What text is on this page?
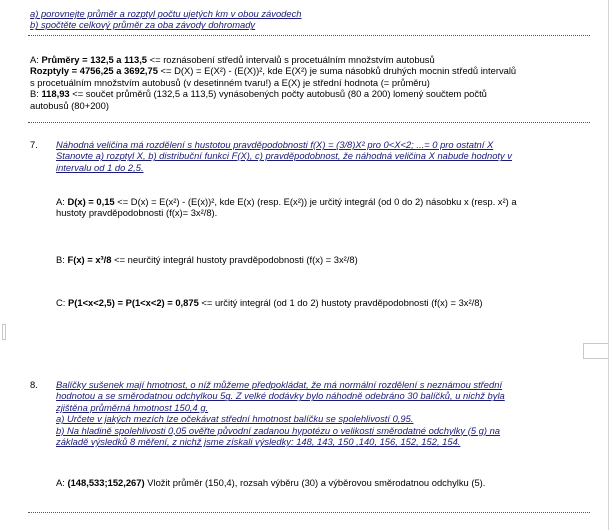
a) porovnejte průměr a rozptyl počtu ujetých km v obou závodech
b) spočtěte celkový průměr za oba závody dohromady
A: Průměry = 132,5 a 113,5 <= roznásobení středů intervalů s procetuálním množstvím autobusů
Rozptyly = 4756,25 a 3692,75 <= D(X) = E(X²) - (E(X))², kde E(X²) je suma násobků druhých mocnin středů intervalů
s procetuálním množstvím autobusů (v desetinném tvaru!) a E(X) je střední hodnota (= průměru)
B: 118,93 <= součet průměrů (132,5 a 113,5) vynásobených počty autobusů (80 a 200) lomený součtem počtů
autobusů (80+200)
7. Náhodná veličina má rozdělení s hustotou pravděpodobnosti f(X) = (3/8)X² pro 0<X<2; ...= 0 pro ostatní X
Stanovte a) rozptyl X, b) distribuční funkci F(X), c) pravděpodobnost, že náhodná veličina X nabude hodnoty v
intervalu od 1 do 2,5.
A: D(x) = 0,15 <= D(x) = E(x²) - (E(x))², kde E(x) (resp. E(x²)) je určitý integrál (od 0 do 2) násobku x (resp. x²) a
hustoty pravděpodobnosti (f(x)= 3x²/8).
B: F(x) = x³/8 <= neurčitý integrál hustoty pravděpodobnosti (f(x) = 3x²/8)
C: P(1<x<2,5) = P(1<x<2) = 0,875 <= určitý integrál (od 1 do 2) hustoty pravděpodobnosti (f(x) = 3x²/8)
8. Balíčky sušenek mají hmotnost, o níž můžeme předpokládat, že má normální rozdělení s neznámou střední
hodnotou a se směrodatnou odchylkou 5g. Z velké dodávky bylo náhodně odebráno 30 balíčků, u nichž byla
zjištěna průměrná hmotnost 150,4 g.
a) Určete v jakých mezích lze očekávat střední hmotnost balíčku se spolehlivostí 0,95.
b) Na hladině spolehlivosti 0,05 ověřte původní zadanou hypotézu o velikosti směrodatné odchylky (5 g) na
základě výsledků 8 měření, z nichž jsme získali výsledky: 148, 143, 150 ,140, 156, 152, 152, 154.
A: (148,533;152,267) Vložit průměr (150,4), rozsah výběru (30) a výběrovou směrodatnou odchylku (5).
